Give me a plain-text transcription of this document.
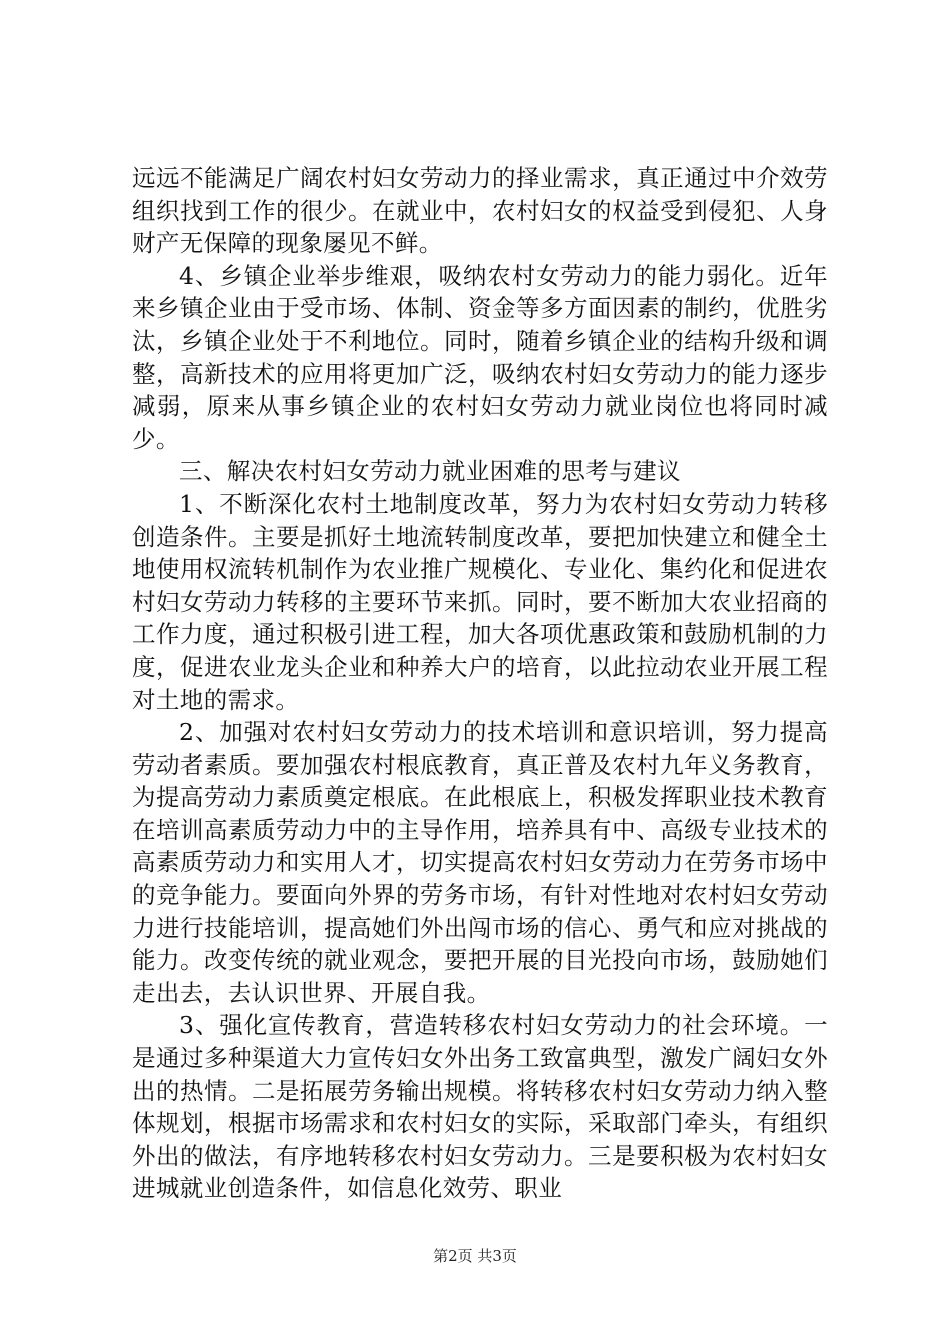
远远不能满足广阔农村妇女劳动力的择业需求，真正通过中介效劳组织找到工作的很少。在就业中，农村妇女的权益受到侵犯、人身财产无保障的现象屡见不鲜。

4、乡镇企业举步维艰，吸纳农村女劳动力的能力弱化。近年来乡镇企业由于受市场、体制、资金等多方面因素的制约，优胜劣汰，乡镇企业处于不利地位。同时，随着乡镇企业的结构升级和调整，高新技术的应用将更加广泛，吸纳农村妇女劳动力的能力逐步减弱，原来从事乡镇企业的农村妇女劳动力就业岗位也将同时减少。

三、解决农村妇女劳动力就业困难的思考与建议

1、不断深化农村土地制度改革，努力为农村妇女劳动力转移创造条件。主要是抓好土地流转制度改革，要把加快建立和健全土地使用权流转机制作为农业推广规模化、专业化、集约化和促进农村妇女劳动力转移的主要环节来抓。同时，要不断加大农业招商的工作力度，通过积极引进工程，加大各项优惠政策和鼓励机制的力度，促进农业龙头企业和种养大户的培育，以此拉动农业开展工程对土地的需求。

2、加强对农村妇女劳动力的技术培训和意识培训，努力提高劳动者素质。要加强农村根底教育，真正普及农村九年义务教育，为提高劳动力素质奠定根底。在此根底上，积极发挥职业技术教育在培训高素质劳动力中的主导作用，培养具有中、高级专业技术的高素质劳动力和实用人才，切实提高农村妇女劳动力在劳务市场中的竞争能力。要面向外界的劳务市场，有针对性地对农村妇女劳动力进行技能培训，提高她们外出闯市场的信心、勇气和应对挑战的能力。改变传统的就业观念，要把开展的目光投向市场，鼓励她们走出去，去认识世界、开展自我。

3、强化宣传教育，营造转移农村妇女劳动力的社会环境。一是通过多种渠道大力宣传妇女外出务工致富典型，激发广阔妇女外出的热情。二是拓展劳务输出规模。将转移农村妇女劳动力纳入整体规划，根据市场需求和农村妇女的实际，采取部门牵头，有组织外出的做法，有序地转移农村妇女劳动力。三是要积极为农村妇女进城就业创造条件，如信息化效劳、职业

第2页 共3页
